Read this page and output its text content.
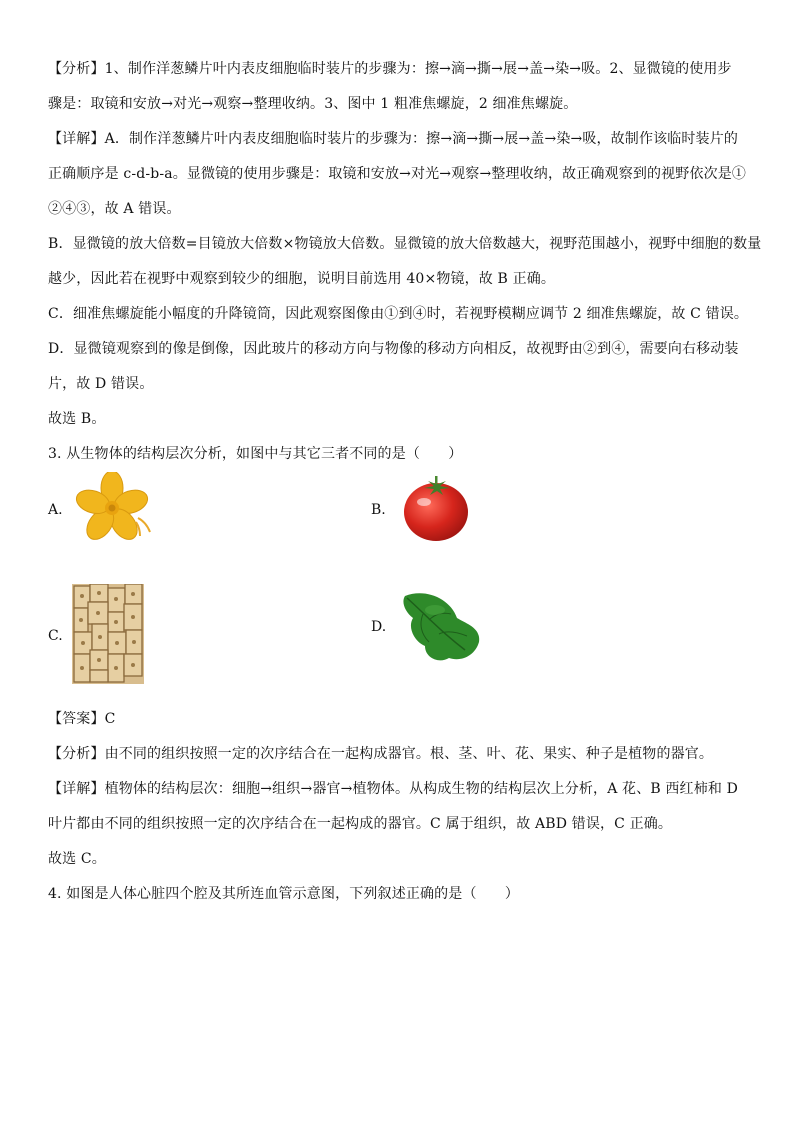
【分析】1、制作洋葱鳞片叶内表皮细胞临时装片的步骤为：擦→滴→撕→展→盖→染→吸。2、显微镜的使用步
骤是：取镜和安放→对光→观察→整理收纳。3、图中 1 粗准焦螺旋，2 细准焦螺旋。
【详解】A．制作洋葱鳞片叶内表皮细胞临时装片的步骤为：擦→滴→撕→展→盖→染→吸，故制作该临时装片的
正确顺序是 c-d-b-a。显微镜的使用步骤是：取镜和安放→对光→观察→整理收纳，故正确观察到的视野依次是①
②④③，故 A 错误。
B．显微镜的放大倍数=目镜放大倍数×物镜放大倍数。显微镜的放大倍数越大，视野范围越小，视野中细胞的数量
越少，因此若在视野中观察到较少的细胞，说明目前选用 40×物镜，故 B 正确。
C．细准焦螺旋能小幅度的升降镜筒，因此观察图像由①到④时，若视野模糊应调节 2 细准焦螺旋，故 C 错误。
D．显微镜观察到的像是倒像，因此玻片的移动方向与物像的移动方向相反，故视野由②到④，需要向右移动装
片，故 D 错误。
故选 B。
3. 从生物体的结构层次分析，如图中与其它三者不同的是（　　）
A.	B.
C.
D.
【答案】C
【分析】由不同的组织按照一定的次序结合在一起构成器官。根、茎、叶、花、果实、种子是植物的器官。
【详解】植物体的结构层次：细胞→组织→器官→植物体。从构成生物的结构层次上分析，A 花、B 西红柿和 D
叶片都由不同的组织按照一定的次序结合在一起构成的器官。C 属于组织，故 ABD 错误，C 正确。
故选 C。
4. 如图是人体心脏四个腔及其所连血管示意图，下列叙述正确的是（　　）
